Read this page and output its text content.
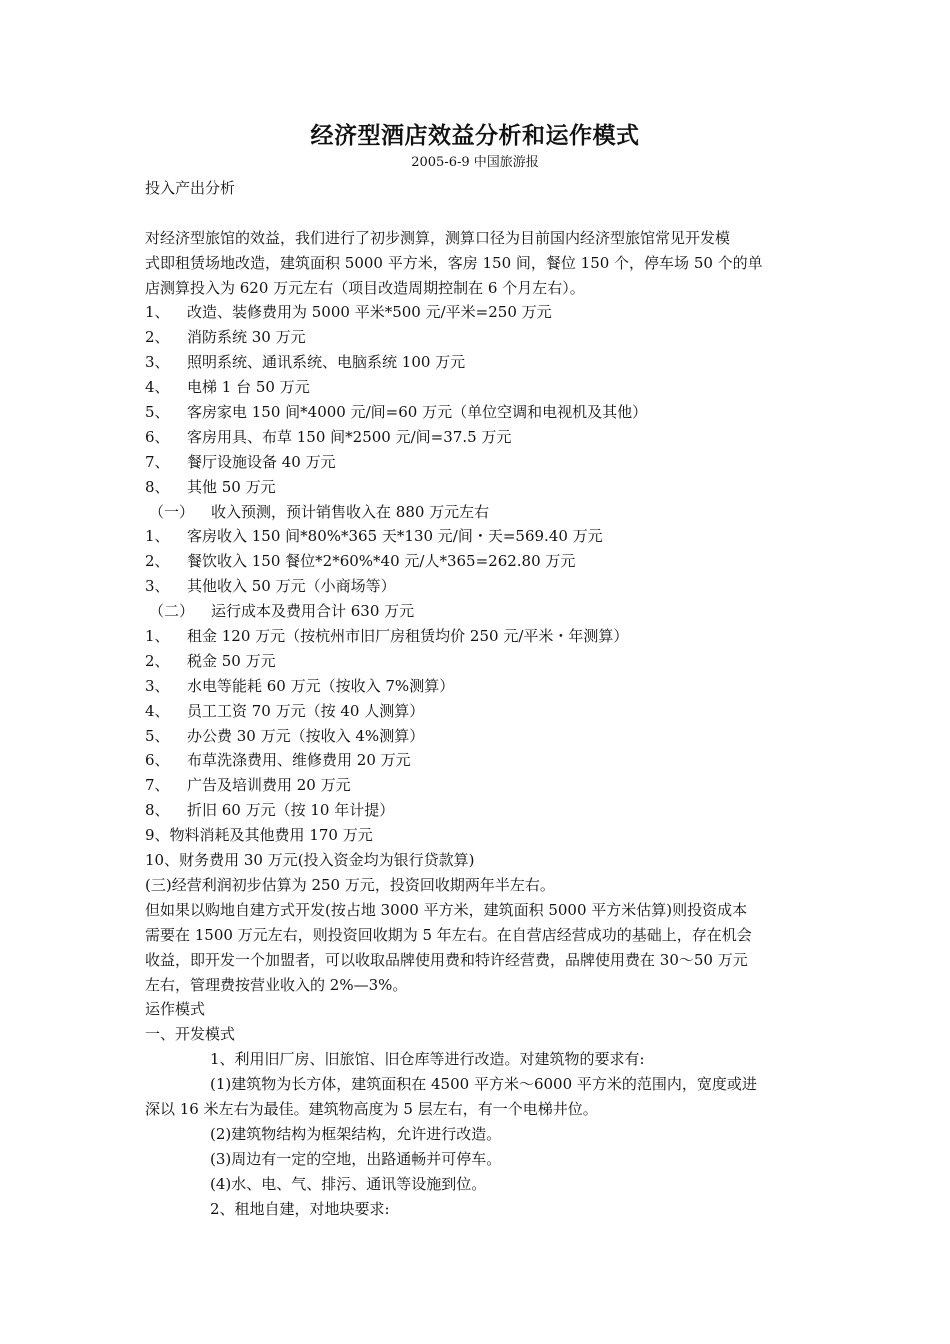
经济型酒店效益分析和运作模式
2005-6-9 中国旅游报
投入产出分析
对经济型旅馆的效益，我们进行了初步测算，测算口径为目前国内经济型旅馆常见开发模
式即租赁场地改造，建筑面积 5000 平方米，客房 150 间，餐位 150 个，停车场 50 个的单
店测算投入为 620 万元左右（项目改造周期控制在 6 个月左右）。
1、 改造、装修费用为 5000 平米*500 元/平米=250 万元
2、 消防系统 30 万元
3、 照明系统、通讯系统、电脑系统 100 万元
4、 电梯 1 台 50 万元
5、 客房家电 150 间*4000 元/间=60 万元（单位空调和电视机及其他）
6、 客房用具、布草 150 间*2500 元/间=37.5 万元
7、 餐厅设施设备 40 万元
8、 其他 50 万元
（一） 收入预测，预计销售收入在 880 万元左右
1、 客房收入 150 间*80%*365 天*130 元/间・天=569.40 万元
2、 餐饮收入 150 餐位*2*60%*40 元/人*365=262.80 万元
3、 其他收入 50 万元（小商场等）
（二） 运行成本及费用合计 630 万元
1、 租金 120 万元（按杭州市旧厂房租赁均价 250 元/平米・年测算）
2、 税金 50 万元
3、 水电等能耗 60 万元（按收入 7%测算）
4、 员工工资 70 万元（按 40 人测算）
5、 办公费 30 万元（按收入 4%测算）
6、 布草洗涤费用、维修费用 20 万元
7、 广告及培训费用 20 万元
8、 折旧 60 万元（按 10 年计提）
9、物料消耗及其他费用 170 万元
10、财务费用 30 万元(投入资金均为银行贷款算)
(三)经营利润初步估算为 250 万元，投资回收期两年半左右。
但如果以购地自建方式开发(按占地 3000 平方米，建筑面积 5000 平方米估算)则投资成本
需要在 1500 万元左右，则投资回收期为 5 年左右。在自营店经营成功的基础上，存在机会
收益，即开发一个加盟者，可以收取品牌使用费和特许经营费，品牌使用费在 30～50 万元
左右，管理费按营业收入的 2%—3%。
运作模式
一、开发模式
1、利用旧厂房、旧旅馆、旧仓库等进行改造。对建筑物的要求有:
(1)建筑物为长方体，建筑面积在 4500 平方米～6000 平方米的范围内，宽度或进
深以 16 米左右为最佳。建筑物高度为 5 层左右，有一个电梯井位。
(2)建筑物结构为框架结构，允许进行改造。
(3)周边有一定的空地，出路通畅并可停车。
(4)水、电、气、排污、通讯等设施到位。
2、租地自建，对地块要求:
